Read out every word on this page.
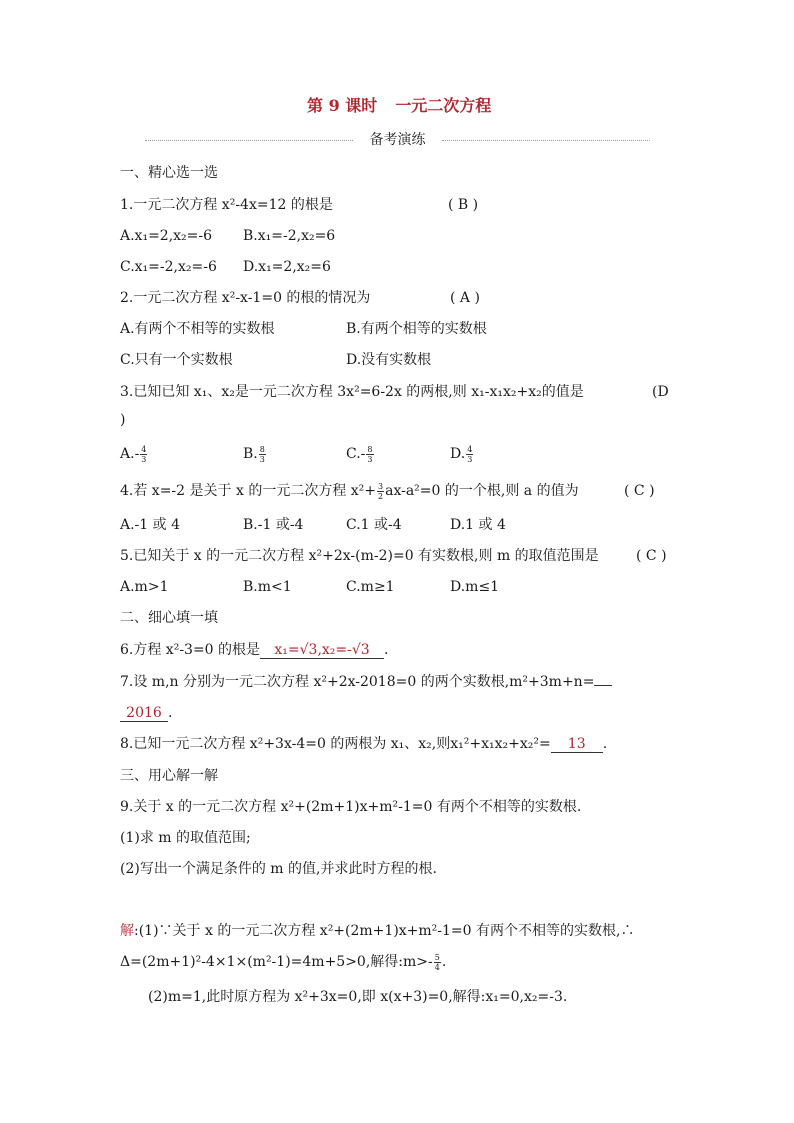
第 9 课时 一元二次方程
备考演练
一、精心选一选
1.一元二次方程 x²-4x=12 的根是	( B )
A.x₁=2,x₂=-6 B.x₁=-2,x₂=6
C.x₁=-2,x₂=-6 D.x₁=2,x₂=6
2.一元二次方程 x²-x-1=0 的根的情况为	( A )
A.有两个不相等的实数根	B.有两个相等的实数根
C.只有一个实数根	D.没有实数根
3.已知已知 x₁、x₂是一元二次方程 3x²=6-2x 的两根,则 x₁-x₁x₂+x₂的值是	(D
)
$A.- \frac{4}{3}$	B. $\frac{8}{3}$	$C.- \frac{8}{3}$	D. $\frac{4}{3}$
4.若 x=-2 是关于 x 的一元二次方程 $x^2+ \frac{3}{2} ax-a^2=0$ 的一个根,则 a 的值为	( C )
A.-1 或 4	B.-1 或-4	C.1 或-4	D.1 或 4
5.已知关于 x 的一元二次方程 x²+2x-(m-2)=0 有实数根,则 m 的取值范围是	( C )
A.m>1	B.m<1	C.m≥1	D.m≤1
二、细心填一填
6.方程 x²-3=0 的根是 x₁=√3,x₂=-√3 .
7.设 m,n 分别为一元二次方程 x²+2x-2018=0 的两个实数根,m²+3m+n=
2016 .
8.已知一元二次方程 x²+3x-4=0 的两根为 x₁、x₂,则x₁²+x₁x₂+x₂²= 13 .
三、用心解一解
9.关于 x 的一元二次方程 x²+(2m+1)x+m²-1=0 有两个不相等的实数根.
(1)求 m 的取值范围;
(2)写出一个满足条件的 m 的值,并求此时方程的根.
解:(1)∵关于 x 的一元二次方程 x²+(2m+1)x+m²-1=0 有两个不相等的实数根,∴
Δ=(2m+1)²-4×1×(m²-1)=4m+5>0,解得:m>- $\frac{5}{4}$ .
(2)m=1,此时原方程为 x²+3x=0,即 x(x+3)=0,解得:x₁=0,x₂=-3.
